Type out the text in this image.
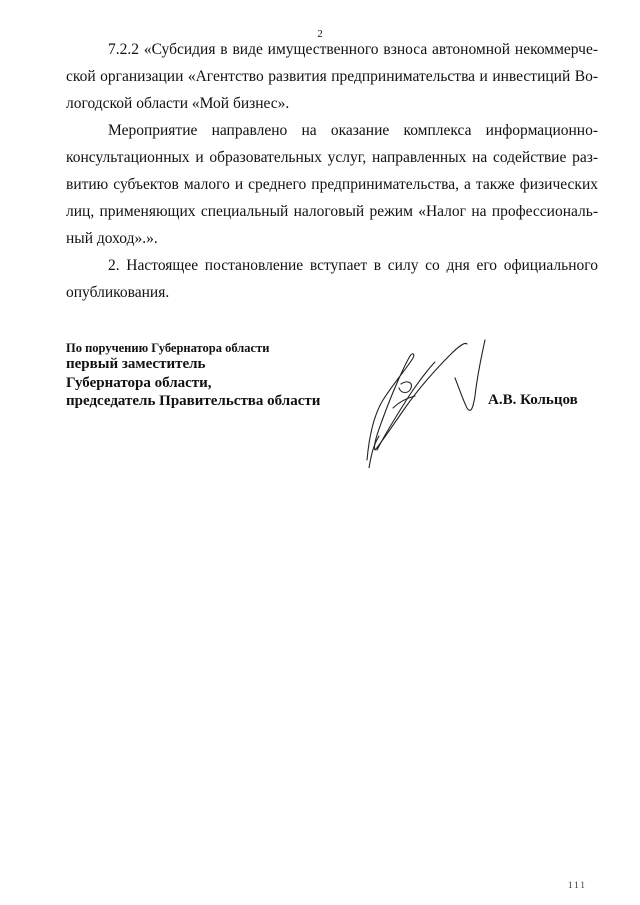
2
7.2.2 «Субсидия в виде имущественного взноса автономной некоммерче-
ской организации «Агентство развития предпринимательства и инвестиций Во-
логодской области «Мой бизнес».
Мероприятие направлено на оказание комплекса информационно-
консультационных и образовательных услуг, направленных на содействие раз-
витию субъектов малого и среднего предпринимательства, а также физических
лиц, применяющих специальный налоговый режим «Налог на профессиональ-
ный доход».».
2. Настоящее постановление вступает в силу со дня его официального
опубликования.
По поручению Губернатора области
первый заместитель
Губернатора области,
председатель Правительства области	А.В. Кольцов
111
